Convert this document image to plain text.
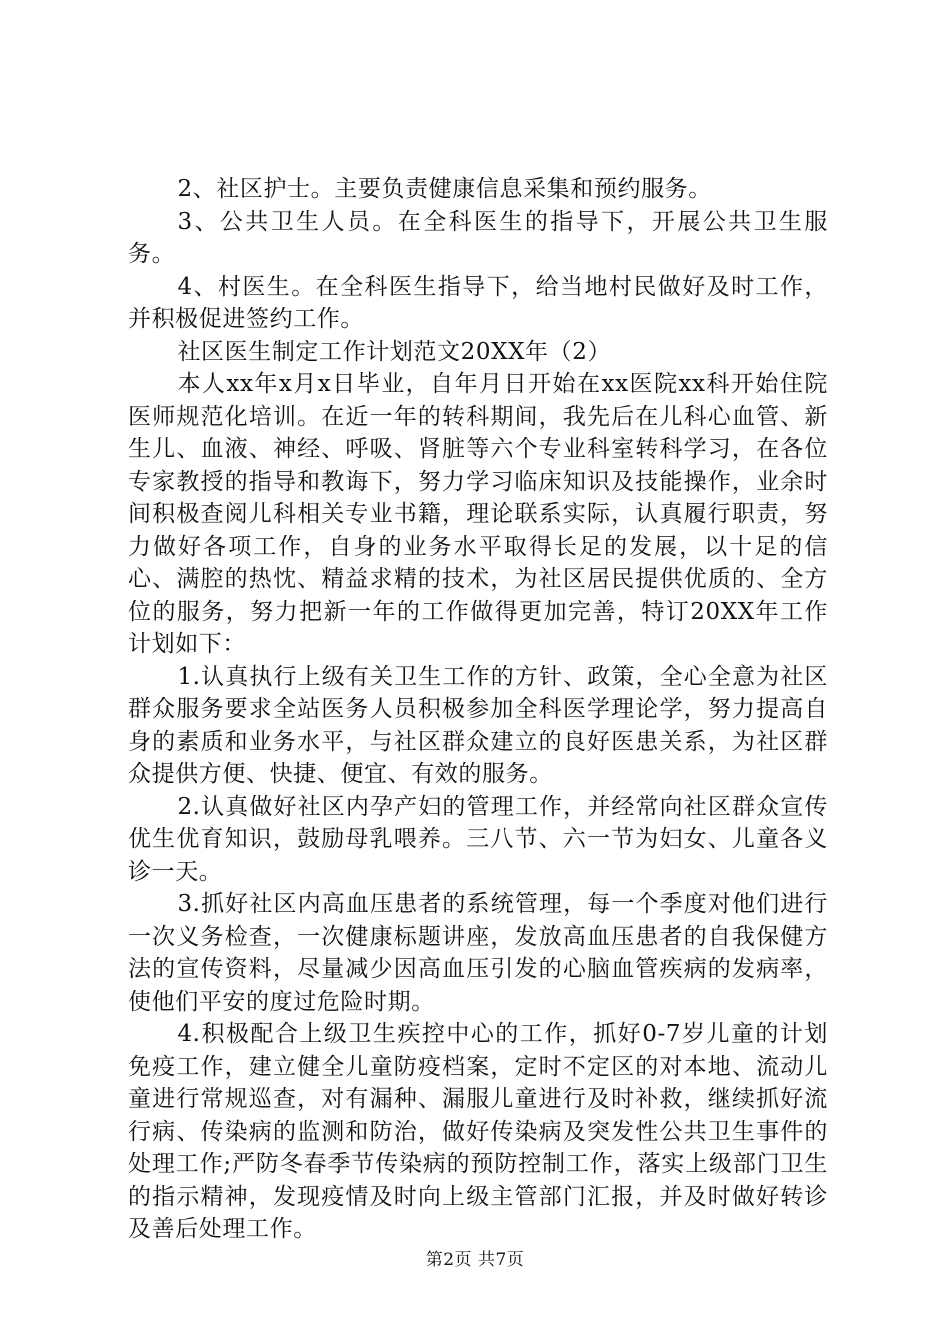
2、社区护士。主要负责健康信息采集和预约服务。

3、公共卫生人员。在全科医生的指导下，开展公共卫生服务。

4、村医生。在全科医生指导下，给当地村民做好及时工作，并积极促进签约工作。

社区医生制定工作计划范文20XX年（2）

本人xx年x月x日毕业，自年月日开始在xx医院xx科开始住院医师规范化培训。在近一年的转科期间，我先后在儿科心血管、新生儿、血液、神经、呼吸、肾脏等六个专业科室转科学习，在各位专家教授的指导和教诲下，努力学习临床知识及技能操作，业余时间积极查阅儿科相关专业书籍，理论联系实际，认真履行职责，努力做好各项工作，自身的业务水平取得长足的发展，以十足的信心、满腔的热忱、精益求精的技术，为社区居民提供优质的、全方位的服务，努力把新一年的工作做得更加完善，特订20XX年工作计划如下：

1.认真执行上级有关卫生工作的方针、政策，全心全意为社区群众服务要求全站医务人员积极参加全科医学理论学，努力提高自身的素质和业务水平，与社区群众建立的良好医患关系，为社区群众提供方便、快捷、便宜、有效的服务。

2.认真做好社区内孕产妇的管理工作，并经常向社区群众宣传优生优育知识，鼓励母乳喂养。三八节、六一节为妇女、儿童各义诊一天。

3.抓好社区内高血压患者的系统管理，每一个季度对他们进行一次义务检查，一次健康标题讲座，发放高血压患者的自我保健方法的宣传资料，尽量减少因高血压引发的心脑血管疾病的发病率，使他们平安的度过危险时期。

4.积极配合上级卫生疾控中心的工作，抓好0-7岁儿童的计划免疫工作，建立健全儿童防疫档案，定时不定区的对本地、流动儿童进行常规巡查，对有漏种、漏服儿童进行及时补救，继续抓好流行病、传染病的监测和防治，做好传染病及突发性公共卫生事件的处理工作;严防冬春季节传染病的预防控制工作，落实上级部门卫生的指示精神，发现疫情及时向上级主管部门汇报，并及时做好转诊及善后处理工作。

第2页 共7页
